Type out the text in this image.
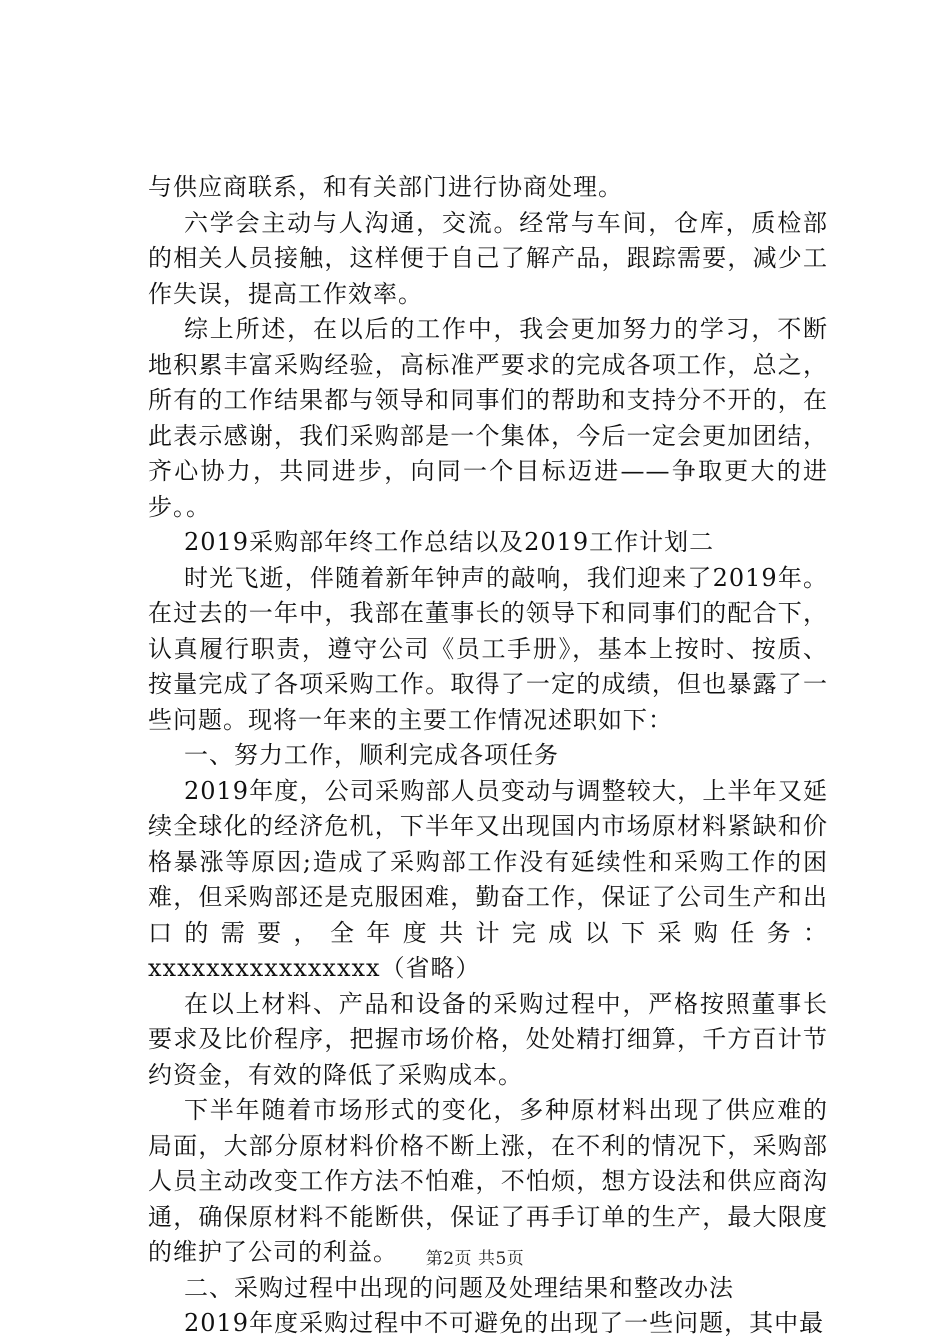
与供应商联系，和有关部门进行协商处理。

六学会主动与人沟通，交流。经常与车间，仓库，质检部的相关人员接触，这样便于自己了解产品，跟踪需要，减少工作失误，提高工作效率。

综上所述，在以后的工作中，我会更加努力的学习，不断地积累丰富采购经验，高标准严要求的完成各项工作，总之，所有的工作结果都与领导和同事们的帮助和支持分不开的，在此表示感谢，我们采购部是一个集体，今后一定会更加团结，齐心协力，共同进步，向同一个目标迈进——争取更大的进步。。

2019采购部年终工作总结以及2019工作计划二

时光飞逝，伴随着新年钟声的敲响，我们迎来了2019年。在过去的一年中，我部在董事长的领导下和同事们的配合下，认真履行职责，遵守公司《员工手册》，基本上按时、按质、按量完成了各项采购工作。取得了一定的成绩，但也暴露了一些问题。现将一年来的主要工作情况述职如下：

一、努力工作，顺利完成各项任务

2019年度，公司采购部人员变动与调整较大，上半年又延续全球化的经济危机，下半年又出现国内市场原材料紧缺和价格暴涨等原因;造成了采购部工作没有延续性和采购工作的困难，但采购部还是克服困难，勤奋工作，保证了公司生产和出口的需要，全年度共计完成以下采购任务：xxxxxxxxxxxxxxxx（省略）

在以上材料、产品和设备的采购过程中，严格按照董事长要求及比价程序，把握市场价格，处处精打细算，千方百计节约资金，有效的降低了采购成本。

下半年随着市场形式的变化，多种原材料出现了供应难的局面，大部分原材料价格不断上涨，在不利的情况下，采购部人员主动改变工作方法不怕难，不怕烦，想方设法和供应商沟通，确保原材料不能断供，保证了再手订单的生产，最大限度的维护了公司的利益。

二、采购过程中出现的问题及处理结果和整改办法

2019年度采购过程中不可避免的出现了一些问题，其中最

第2页 共5页
